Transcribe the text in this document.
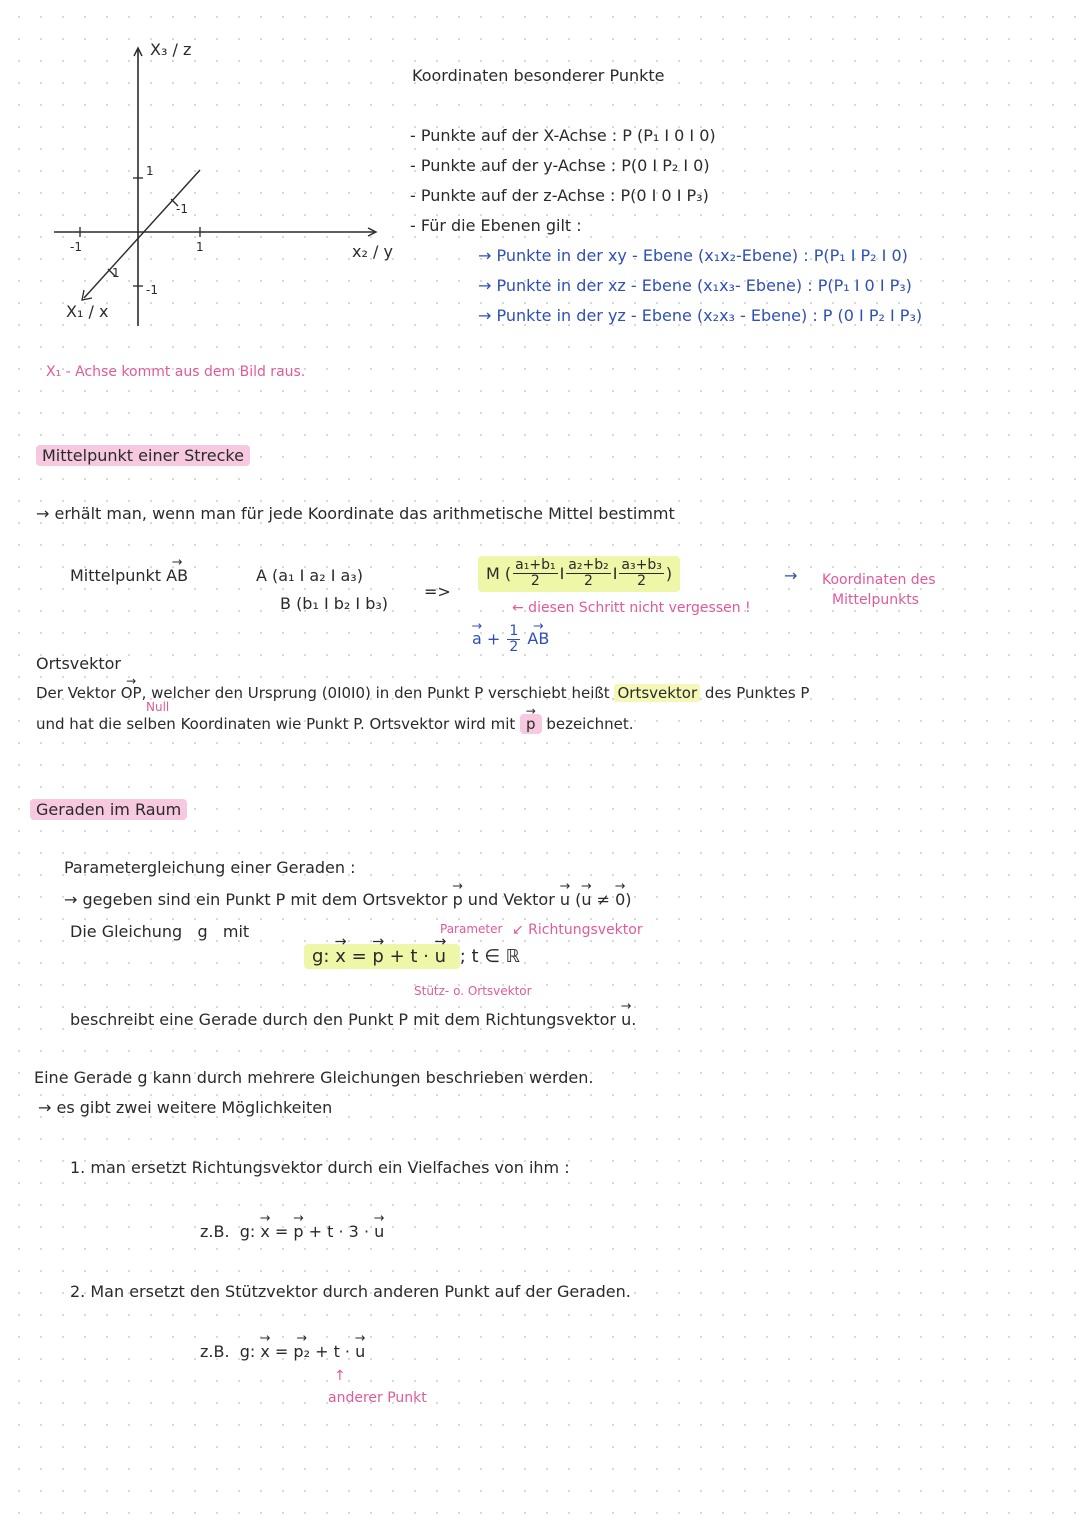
X₃ / z
x₂ / y
X₁ / x
1
-1
-1	1
1
-1
X₁ - Achse kommt aus dem Bild raus.
Koordinaten besonderer Punkte
- Punkte auf der X-Achse : P (P₁ I 0 I 0)
- Punkte auf der y-Achse : P(0 I P₂ I 0)
- Punkte auf der z-Achse : P(0 I 0 I P₃)
- Für die Ebenen gilt :
→ Punkte in der xy - Ebene (x₁x₂-Ebene) : P(P₁ I P₂ I 0)
→ Punkte in der xz - Ebene (x₁x₃- Ebene) : P(P₁ I 0 I P₃)
→ Punkte in der yz - Ebene (x₂x₃ - Ebene) : P (0 I P₂ I P₃)
Mittelpunkt einer Strecke
→ erhält man, wenn man für jede Koordinate das arithmetische Mittel bestimmt
Mittelpunkt → AB	A (a₁ I a₂ I a₃)
B (b₁ I b₂ I b₃)
=>
M ( $\frac{\text{a₁+b₁}}{2}$ I $\frac{\text{a₂+b₂}}{2}$ I $\frac{\text{a₃+b₃}}{2}$ )	→ Koordinaten des
Mittelpunkts
← diesen Schritt nicht vergessen !
→ $a + \frac{1}{2}$ → AB
Ortsvektor
Null
Der Vektor → OP, welcher den Ursprung (0I0I0) in den Punkt P verschiebt heißt Ortsvektor des Punktes P
und hat die selben Koordinaten wie Punkt P. Ortsvektor wird mit → p bezeichnet.
Geraden im Raum
Parametergleichung einer Geraden :
→ gegeben sind ein Punkt P mit dem Ortsvektor → p und Vektor → u (→ u ≠ → 0)
Die Gleichung g mit	Parameter ↙ Richtungsvektor
g: → x = → p + t · → u ; t ∈ ℝ
Stütz- o. Ortsvektor
beschreibt eine Gerade durch den Punkt P mit dem Richtungsvektor → u.
Eine Gerade g kann durch mehrere Gleichungen beschrieben werden.
→ es gibt zwei weitere Möglichkeiten
1. man ersetzt Richtungsvektor durch ein Vielfaches von ihm :
z.B. g: → x = → p + t · 3 · → u
2. Man ersetzt den Stützvektor durch anderen Punkt auf der Geraden.
z.B. g: → x = → p₂ + t · → u
↑
anderer Punkt
